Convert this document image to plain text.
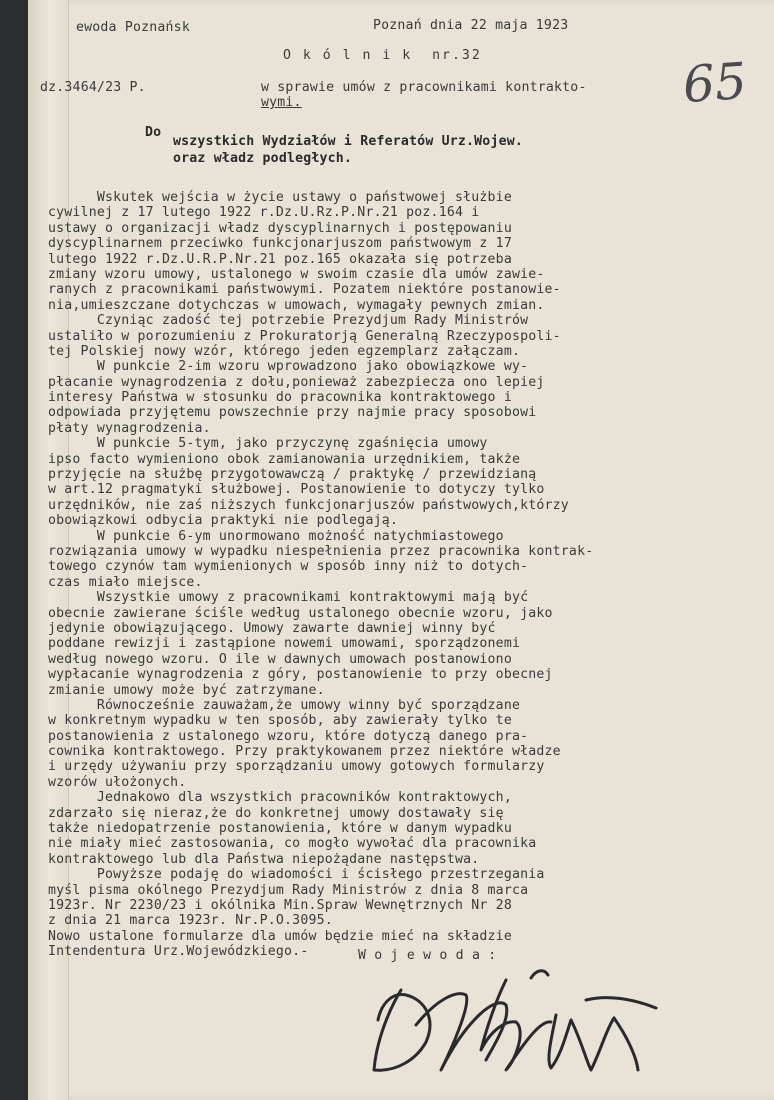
ewoda Poznańsk	Poznań dnia 22 maja 1923
O k ó l n i k  nr.32
dz.3464/23 P.	w sprawie umów z pracownikami kontrakto-
wymi.	65
Do
wszystkich Wydziałów i Referatów Urz.Wojew.
oraz władz podległych.
Wskutek wejścia w życie ustawy o państwowej służbie
cywilnej z 17 lutego 1922 r.Dz.U.Rz.P.Nr.21 poz.164 i
ustawy o organizacji władz dyscyplinarnych i postępowaniu
dyscyplinarnem przeciwko funkcjonarjuszom państwowym z 17
lutego 1922 r.Dz.U.R.P.Nr.21 poz.165 okazała się potrzeba
zmiany wzoru umowy, ustalonego w swoim czasie dla umów zawie-
ranych z pracownikami państwowymi. Pozatem niektóre postanowie-
nia,umieszczane dotychczas w umowach, wymagały pewnych zmian.
Czyniąc zadość tej potrzebie Prezydjum Rady Ministrów
ustaliło w porozumieniu z Prokuratorją Generalną Rzeczypospoli-
tej Polskiej nowy wzór, którego jeden egzemplarz załączam.
W punkcie 2-im wzoru wprowadzono jako obowiązkowe wy-
płacanie wynagrodzenia z dołu,ponieważ zabezpiecza ono lepiej
interesy Państwa w stosunku do pracownika kontraktowego i
odpowiada przyjętemu powszechnie przy najmie pracy sposobowi
płaty wynagrodzenia.
W punkcie 5-tym, jako przyczynę zgaśnięcia umowy
ipso facto wymieniono obok zamianowania urzędnikiem, także
przyjęcie na służbę przygotowawczą / praktykę / przewidzianą
w art.12 pragmatyki służbowej. Postanowienie to dotyczy tylko
urzędników, nie zaś niższych funkcjonarjuszów państwowych,którzy
obowiązkowi odbycia praktyki nie podlegają.
W punkcie 6-ym unormowano możność natychmiastowego
rozwiązania umowy w wypadku niespełnienia przez pracownika kontrak-
towego czynów tam wymienionych w sposób inny niż to dotych-
czas miało miejsce.
Wszystkie umowy z pracownikami kontraktowymi mają być
obecnie zawierane ściśle według ustalonego obecnie wzoru, jako
jedynie obowiązującego. Umowy zawarte dawniej winny być
poddane rewizji i zastąpione nowemi umowami, sporządzonemi
według nowego wzoru. O ile w dawnych umowach postanowiono
wypłacanie wynagrodzenia z góry, postanowienie to przy obecnej
zmianie umowy może być zatrzymane.
Równocześnie zauważam,że umowy winny być sporządzane
w konkretnym wypadku w ten sposób, aby zawierały tylko te
postanowienia z ustalonego wzoru, które dotyczą danego pra-
cownika kontraktowego. Przy praktykowanem przez niektóre władze
i urzędy używaniu przy sporządzaniu umowy gotowych formularzy
wzorów ułożonych.
Jednakowo dla wszystkich pracowników kontraktowych,
zdarzało się nieraz,że do konkretnej umowy dostawały się
także niedopatrzenie postanowienia, które w danym wypadku
nie miały mieć zastosowania, co mogło wywołać dla pracownika
kontraktowego lub dla Państwa niepożądane następstwa.
Powyższe podaję do wiadomości i ścisłego przestrzegania
myśl pisma okólnego Prezydjum Rady Ministrów z dnia 8 marca
1923r. Nr 2230/23 i okólnika Min.Spraw Wewnętrznych Nr 28
z dnia 21 marca 1923r. Nr.P.O.3095.
Nowo ustalone formularze dla umów będzie mieć na składzie
Intendentura Urz.Wojewódzkiego.-	W o j e w o d a :
